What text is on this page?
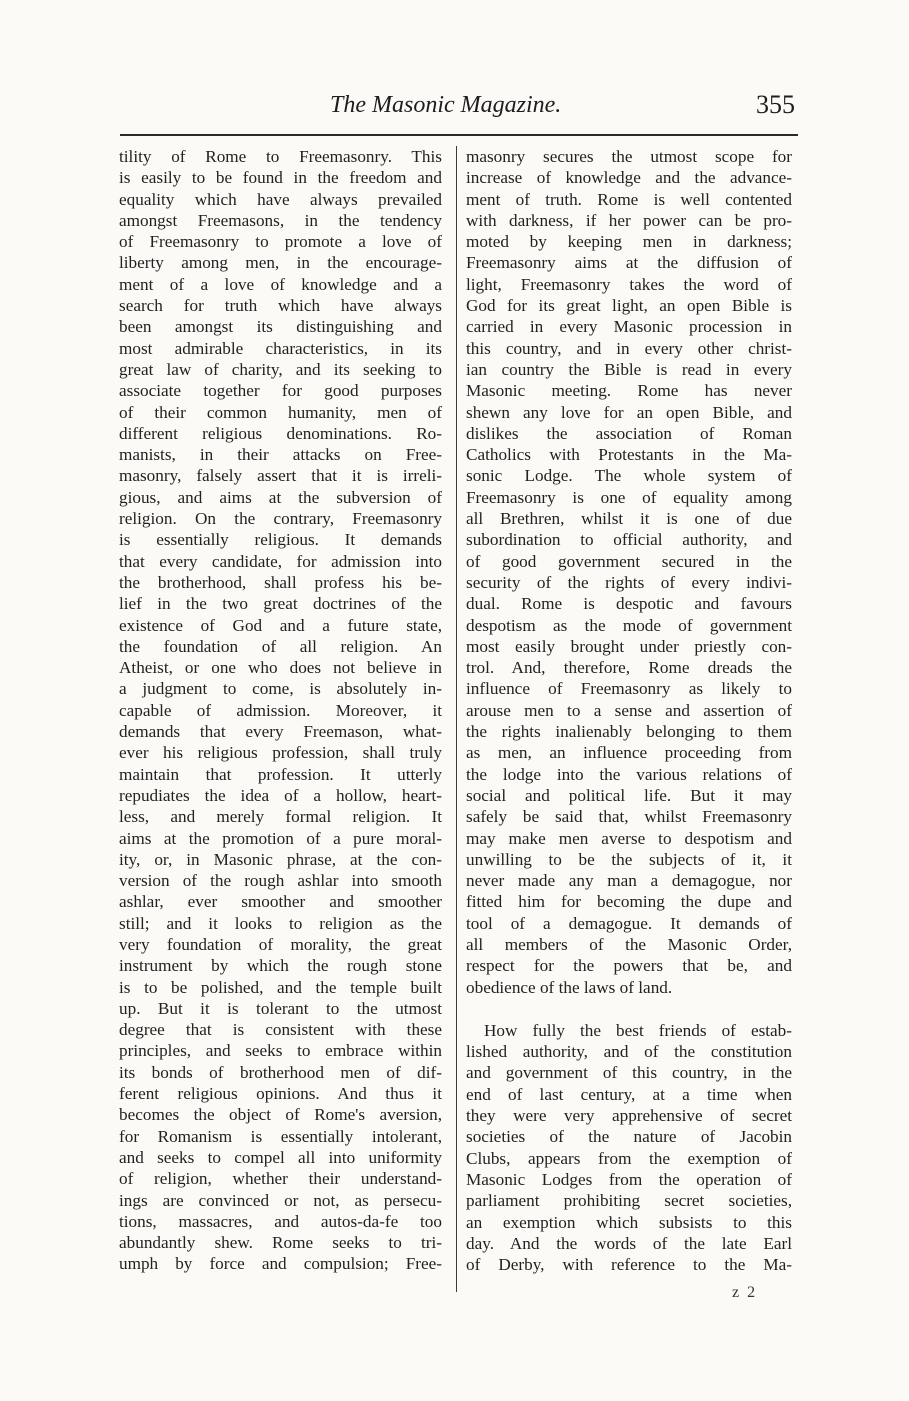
The Masonic Magazine.	355
tility of Rome to Freemasonry. This
is easily to be found in the freedom and
equality which have always prevailed
amongst Freemasons, in the tendency
of Freemasonry to promote a love of
liberty among men, in the encourage-
ment of a love of knowledge and a
search for truth which have always
been amongst its distinguishing and
most admirable characteristics, in its
great law of charity, and its seeking to
associate together for good purposes
of their common humanity, men of
different religious denominations. Ro-
manists, in their attacks on Free-
masonry, falsely assert that it is irreli-
gious, and aims at the subversion of
religion. On the contrary, Freemasonry
is essentially religious. It demands
that every candidate, for admission into
the brotherhood, shall profess his be-
lief in the two great doctrines of the
existence of God and a future state,
the foundation of all religion. An
Atheist, or one who does not believe in
a judgment to come, is absolutely in-
capable of admission. Moreover, it
demands that every Freemason, what-
ever his religious profession, shall truly
maintain that profession. It utterly
repudiates the idea of a hollow, heart-
less, and merely formal religion. It
aims at the promotion of a pure moral-
ity, or, in Masonic phrase, at the con-
version of the rough ashlar into smooth
ashlar, ever smoother and smoother
still; and it looks to religion as the
very foundation of morality, the great
instrument by which the rough stone
is to be polished, and the temple built
up. But it is tolerant to the utmost
degree that is consistent with these
principles, and seeks to embrace within
its bonds of brotherhood men of dif-
ferent religious opinions. And thus it
becomes the object of Rome's aversion,
for Romanism is essentially intolerant,
and seeks to compel all into uniformity
of religion, whether their understand-
ings are convinced or not, as persecu-
tions, massacres, and autos-da-fe too
abundantly shew. Rome seeks to tri-
umph by force and compulsion; Free-
masonry secures the utmost scope for
increase of knowledge and the advance-
ment of truth. Rome is well contented
with darkness, if her power can be pro-
moted by keeping men in darkness;
Freemasonry aims at the diffusion of
light, Freemasonry takes the word of
God for its great light, an open Bible is
carried in every Masonic procession in
this country, and in every other christ-
ian country the Bible is read in every
Masonic meeting. Rome has never
shewn any love for an open Bible, and
dislikes the association of Roman
Catholics with Protestants in the Ma-
sonic Lodge. The whole system of
Freemasonry is one of equality among
all Brethren, whilst it is one of due
subordination to official authority, and
of good government secured in the
security of the rights of every indivi-
dual. Rome is despotic and favours
despotism as the mode of government
most easily brought under priestly con-
trol. And, therefore, Rome dreads the
influence of Freemasonry as likely to
arouse men to a sense and assertion of
the rights inalienably belonging to them
as men, an influence proceeding from
the lodge into the various relations of
social and political life. But it may
safely be said that, whilst Freemasonry
may make men averse to despotism and
unwilling to be the subjects of it, it
never made any man a demagogue, nor
fitted him for becoming the dupe and
tool of a demagogue. It demands of
all members of the Masonic Order,
respect for the powers that be, and
obedience of the laws of land.
How fully the best friends of estab-
lished authority, and of the constitution
and government of this country, in the
end of last century, at a time when
they were very apprehensive of secret
societies of the nature of Jacobin
Clubs, appears from the exemption of
Masonic Lodges from the operation of
parliament prohibiting secret societies,
an exemption which subsists to this
day. And the words of the late Earl
of Derby, with reference to the Ma-
z 2
